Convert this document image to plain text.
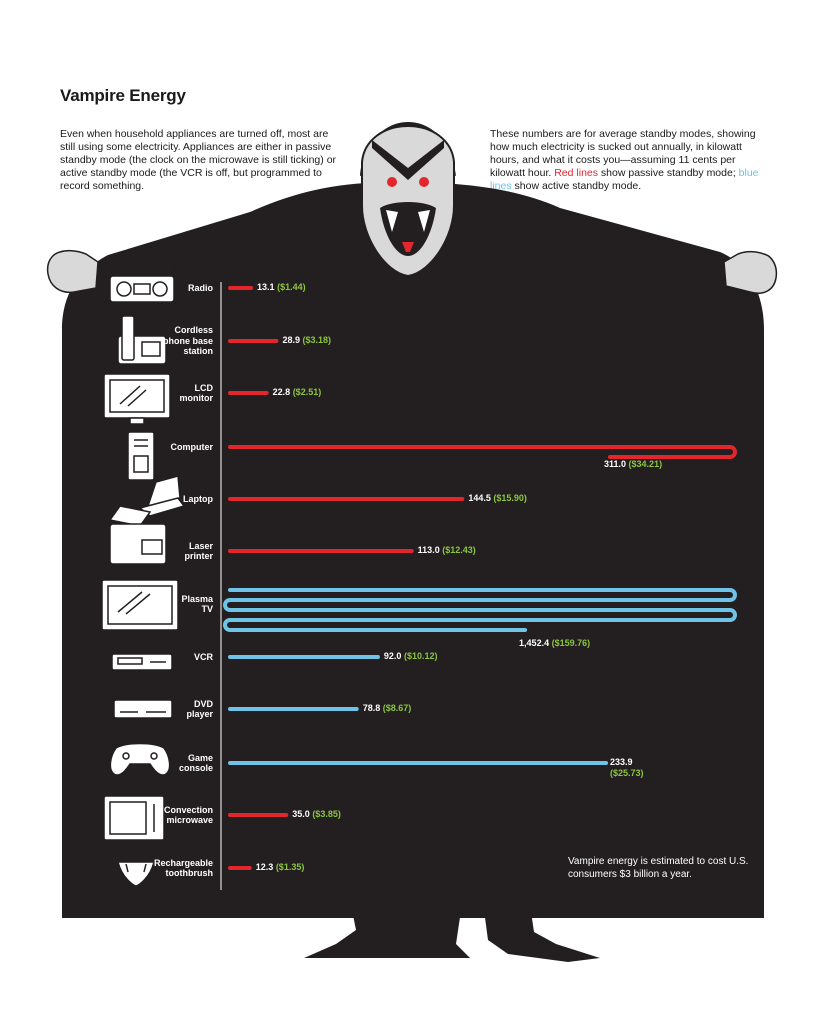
Vampire Energy

Even when household appliances are turned off, most are still using some electricity. Appliances are either in passive standby mode (the clock on the microwave is still ticking) or active standby mode (the VCR is off, but programmed to record something.

These numbers are for average standby modes, showing how much electricity is sucked out annually, in kilowatt hours, and what it costs you—assuming 11 cents per kilowatt hour. Red lines show passive standby mode; blue lines show active standby mode.

13.1 ($1.44)
Radio
28.9 ($3.18)
Cordless
phone base
station
22.8 ($2.51)
LCD
monitor
311.0 ($34.21)
Computer
144.5 ($15.90)
Laptop
113.0 ($12.43)
Laser
printer
1,452.4 ($159.76)
Plasma
TV
92.0 ($10.12)
VCR
78.8 ($8.67)
DVD
player
233.9
($25.73)
Game
console
35.0 ($3.85)
Convection
microwave
12.3 ($1.35)
Rechargeable
toothbrush

Vampire energy is estimated to cost U.S. consumers $3 billion a year.
